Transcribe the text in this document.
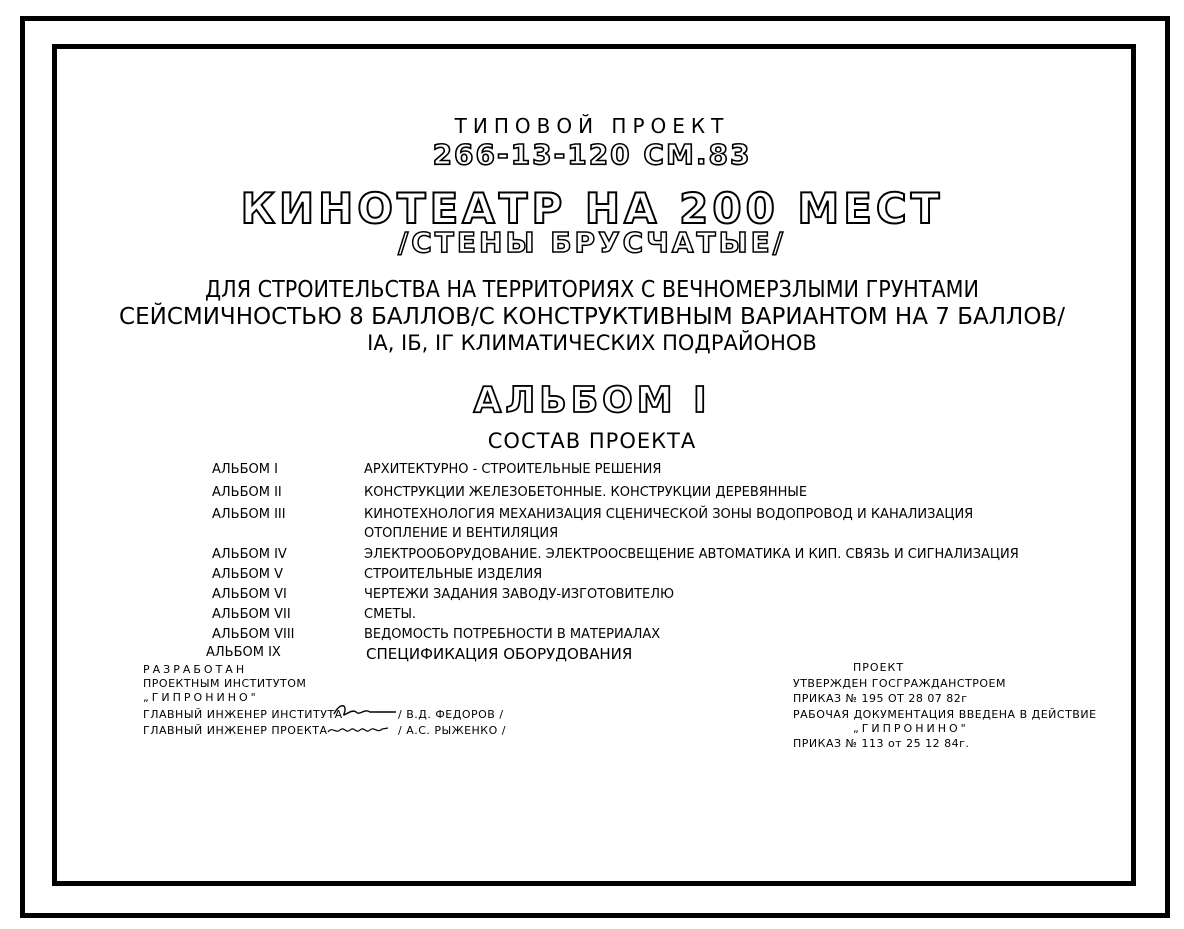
ТИПОВОЙ ПРОЕКТ
266-13-120 СМ.83
КИНОТЕАТР НА 200 МЕСТ
/СТЕНЫ БРУСЧАТЫЕ/
ДЛЯ СТРОИТЕЛЬСТВА НА ТЕРРИТОРИЯХ С ВЕЧНОМЕРЗЛЫМИ ГРУНТАМИ
СЕЙСМИЧНОСТЬЮ 8 БАЛЛОВ/С КОНСТРУКТИВНЫМ ВАРИАНТОМ НА 7 БАЛЛОВ/
IА, IБ, IГ КЛИМАТИЧЕСКИХ ПОДРАЙОНОВ
АЛЬБОМ I
СОСТАВ ПРОЕКТА
АЛЬБОМ I	АРХИТЕКТУРНО - СТРОИТЕЛЬНЫЕ РЕШЕНИЯ
АЛЬБОМ II	КОНСТРУКЦИИ ЖЕЛЕЗОБЕТОННЫЕ. КОНСТРУКЦИИ ДЕРЕВЯННЫЕ
АЛЬБОМ III	КИНОТЕХНОЛОГИЯ МЕХАНИЗАЦИЯ СЦЕНИЧЕСКОЙ ЗОНЫ ВОДОПРОВОД И КАНАЛИЗАЦИЯ
ОТОПЛЕНИЕ И ВЕНТИЛЯЦИЯ
АЛЬБОМ IV	ЭЛЕКТРООБОРУДОВАНИЕ. ЭЛЕКТРООСВЕЩЕНИЕ АВТОМАТИКА И КИП. СВЯЗЬ И СИГНАЛИЗАЦИЯ
АЛЬБОМ V	СТРОИТЕЛЬНЫЕ ИЗДЕЛИЯ
АЛЬБОМ VI	ЧЕРТЕЖИ ЗАДАНИЯ ЗАВОДУ-ИЗГОТОВИТЕЛЮ
АЛЬБОМ VII	СМЕТЫ.
АЛЬБОМ VIII	ВЕДОМОСТЬ ПОТРЕБНОСТИ В МАТЕРИАЛАХ
АЛЬБОМ IX	СПЕЦИФИКАЦИЯ ОБОРУДОВАНИЯ
РАЗРАБОТАН
ПРОЕКТНЫМ ИНСТИТУТОМ
„ГИПРОНИНО"
ГЛАВНЫЙ ИНЖЕНЕР ИНСТИТУТА	/ В.Д. ФЕДОРОВ /
ГЛАВНЫЙ ИНЖЕНЕР ПРОЕКТА	/ А.С. РЫЖЕНКО /
ПРОЕКТ
УТВЕРЖДЕН ГОСГРАЖДАНСТРОЕМ
ПРИКАЗ № 195 ОТ 28 07 82г
РАБОЧАЯ ДОКУМЕНТАЦИЯ ВВЕДЕНА В ДЕЙСТВИЕ
„ГИПРОНИНО"
ПРИКАЗ № 113 от 25 12 84г.
